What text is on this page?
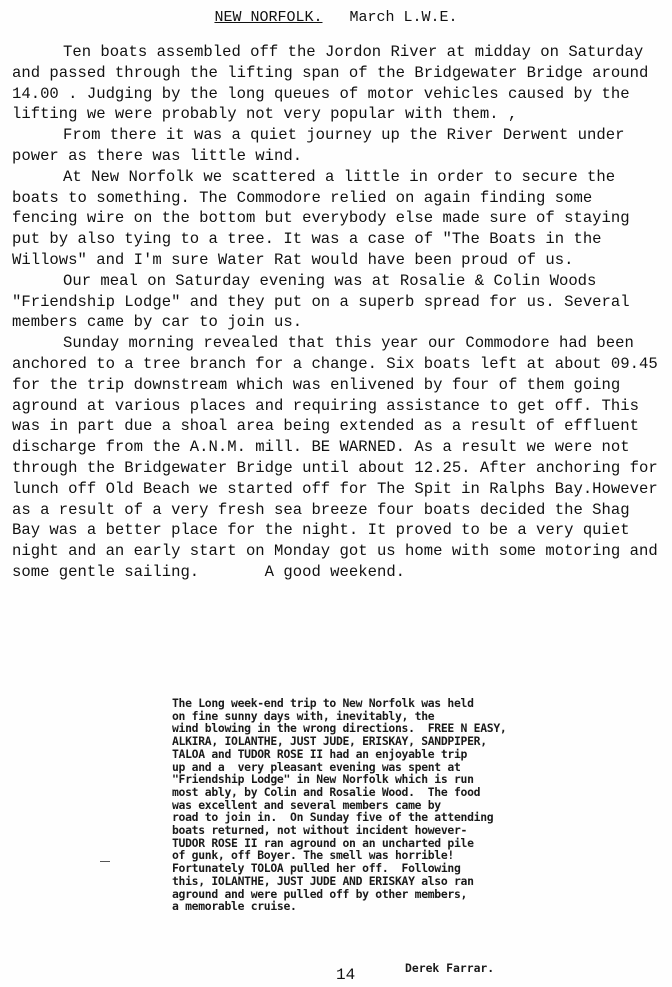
NEW NORFOLK. March L.W.E.

Ten boats assembled off the Jordon River at midday on Saturday and passed through the lifting span of the Bridgewater Bridge around 14.00 . Judging by the long queues of motor vehicles caused by the lifting we were probably not very popular with them. ,

From there it was a quiet journey up the River Derwent under power as there was little wind.

At New Norfolk we scattered a little in order to secure the boats to something. The Commodore relied on again finding some fencing wire on the bottom but everybody else made sure of staying put by also tying to a tree. It was a case of "The Boats in the Willows" and I'm sure Water Rat would have been proud of us.

Our meal on Saturday evening was at Rosalie & Colin Woods "Friendship Lodge" and they put on a superb spread for us. Several members came by car to join us.

Sunday morning revealed that this year our Commodore had been anchored to a tree branch for a change. Six boats left at about 09.45 for the trip downstream which was enlivened by four of them going aground at various places and requiring assistance to get off. This was in part due a shoal area being extended as a result of effluent discharge from the A.N.M. mill. BE WARNED. As a result we were not through the Bridgewater Bridge until about 12.25. After anchoring for lunch off Old Beach we started off for The Spit in Ralphs Bay.However as a result of a very fresh sea breeze four boats decided the Shag Bay was a better place for the night. It proved to be a very quiet night and an early start on Monday got us home with some motoring and some gentle sailing.	A good weekend.

The Long week-end trip to New Norfolk was held
on fine sunny days with, inevitably, the
wind blowing in the wrong directions.  FREE N EASY,
ALKIRA, IOLANTHE, JUST JUDE, ERISKAY, SANDPIPER,
TALOA and TUDOR ROSE II had an enjoyable trip
up and a  very pleasant evening was spent at
"Friendship Lodge" in New Norfolk which is run
most ably, by Colin and Rosalie Wood.  The food
was excellent and several members came by
road to join in.  On Sunday five of the attending
boats returned, not without incident however-
TUDOR ROSE II ran aground on an uncharted pile
of gunk, off Boyer. The smell was horrible!
Fortunately TOLOA pulled her off.  Following
this, IOLANTHE, JUST JUDE AND ERISKAY also ran
aground and were pulled off by other members,
a memorable cruise.
14	Derek Farrar.
